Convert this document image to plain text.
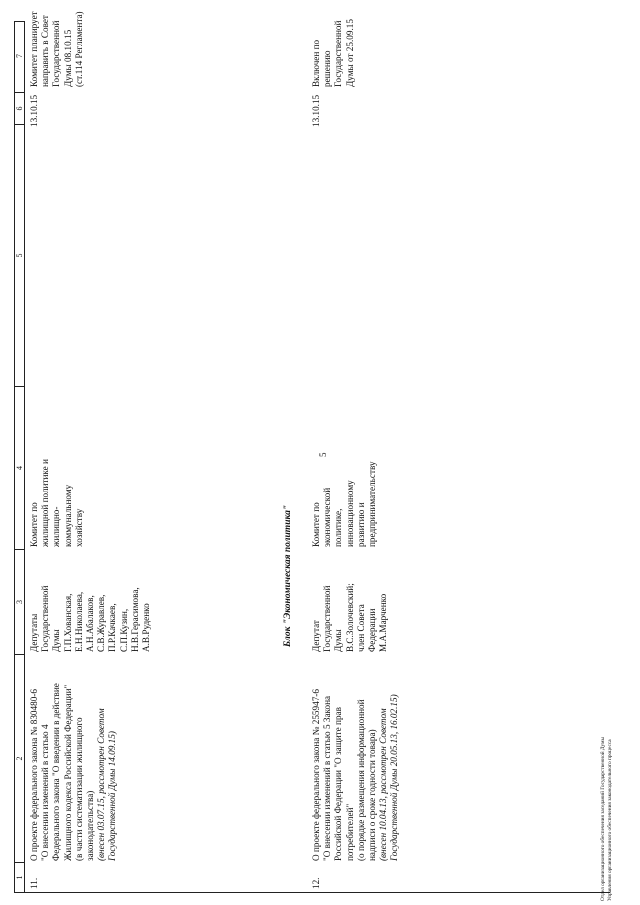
5
1
2
3
4
5
6
7
11.
О проекте федерального закона № 830480-6 "О внесении изменений в статью 4 Федерального закона "О введении в действие Жилищного кодекса Российской Федерации" (в части систематизации жилищного законодательства) (внесен 03.07.15, рассмотрен Советом Государственной Думы 14.09.15)
Депутаты Государственной Думы Г.П.Хованская, Е.Н.Николаева, А.Н.Абалаков, С.В.Журавлев, П.Р.Качкаев, С.П.Кузин, Н.В.Герасимова, А.В.Руденко
Комитет по жилищной политике и жилищно- коммунальному хозяйству
13.10.15
Комитет планирует направить в Совет Государственной Думы 08.10.15 (ст.114 Регламента)
Блок "Экономическая политика"
12.
О проекте федерального закона № 255947-6 "О внесении изменений в статью 5 Закона Российской Федерации "О защите прав потребителей" (о порядке размещения информационной надписи о сроке годности товара) (внесен 10.04.13, рассмотрен Советом Государственной Думы 20.05.13, 16.02.15)
Депутат Государственной Думы В.С.Золочевский; член Совета Федерации М.А.Марченко
Комитет по экономической политике, инновационному развитию и предпринимательству
13.10.15
Включен по решению Государственной Думы от 25.09.15
Отдел организационного обеспечения заседаний Государственной Думы Управления организационного обеспечения законодательного процесса
